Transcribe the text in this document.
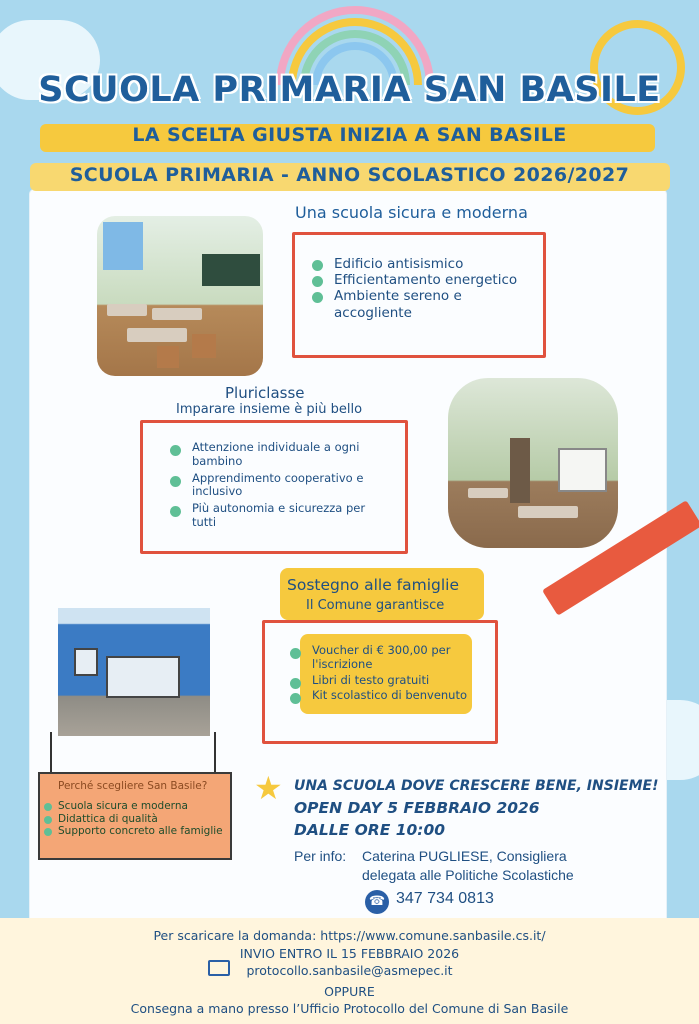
SCUOLA PRIMARIA SAN BASILE
LA SCELTA GIUSTA INIZIA A SAN BASILE
SCUOLA PRIMARIA - ANNO SCOLASTICO 2026/2027
Una scuola sicura e moderna
Edificio antisismico
Efficientamento energetico
Ambiente sereno e accogliente
Pluriclasse
Imparare insieme è più bello
Attenzione individuale a ogni bambino
Apprendimento cooperativo e inclusivo
Più autonomia e sicurezza per tutti
Sostegno alle famiglie
Il Comune garantisce
Voucher di € 300,00 per l'iscrizione
Libri di testo gratuiti
Kit scolastico di benvenuto
Perché scegliere San Basile?
Scuola sicura e moderna
Didattica di qualità
Supporto concreto alle famiglie
★ UNA SCUOLA DOVE CRESCERE BENE, INSIEME!
OPEN DAY 5 FEBBRAIO 2026
DALLE ORE 10:00
Per info: Caterina PUGLIESE, Consigliera
delegata alle Politiche Scolastiche
☎ 347 734 0813
Per scaricare la domanda: https://www.comune.sanbasile.cs.it/
INVIO ENTRO IL 15 FEBBRAIO 2026
protocollo.sanbasile@asmepec.it
OPPURE
Consegna a mano presso l’Ufficio Protocollo del Comune di San Basile
